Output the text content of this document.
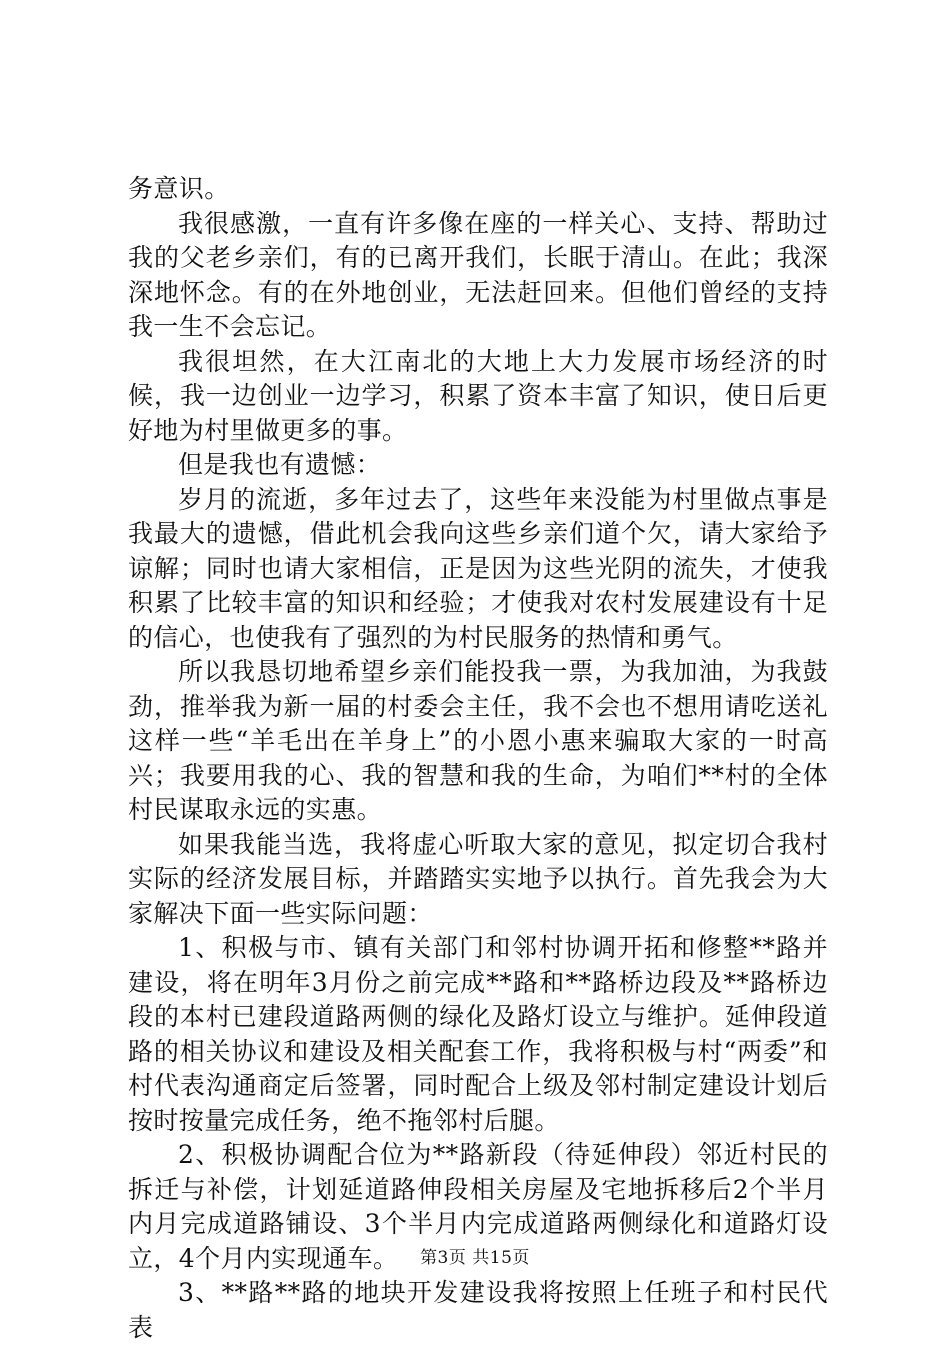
务意识。

我很感激，一直有许多像在座的一样关心、支持、帮助过我的父老乡亲们，有的已离开我们，长眠于清山。在此；我深深地怀念。有的在外地创业，无法赶回来。但他们曾经的支持我一生不会忘记。

我很坦然，在大江南北的大地上大力发展市场经济的时候，我一边创业一边学习，积累了资本丰富了知识，使日后更好地为村里做更多的事。

但是我也有遗憾：

岁月的流逝，多年过去了，这些年来没能为村里做点事是我最大的遗憾，借此机会我向这些乡亲们道个欠，请大家给予谅解；同时也请大家相信，正是因为这些光阴的流失，才使我积累了比较丰富的知识和经验；才使我对农村发展建设有十足的信心，也使我有了强烈的为村民服务的热情和勇气。

所以我恳切地希望乡亲们能投我一票，为我加油，为我鼓劲，推举我为新一届的村委会主任，我不会也不想用请吃送礼这样一些“羊毛出在羊身上”的小恩小惠来骗取大家的一时高兴；我要用我的心、我的智慧和我的生命，为咱们**村的全体村民谋取永远的实惠。

如果我能当选，我将虚心听取大家的意见，拟定切合我村实际的经济发展目标，并踏踏实实地予以执行。首先我会为大家解决下面一些实际问题：

1、积极与市、镇有关部门和邻村协调开拓和修整**路并建设，将在明年3月份之前完成**路和**路桥边段及**路桥边段的本村已建段道路两侧的绿化及路灯设立与维护。延伸段道路的相关协议和建设及相关配套工作，我将积极与村“两委”和村代表沟通商定后签署，同时配合上级及邻村制定建设计划后按时按量完成任务，绝不拖邻村后腿。

2、积极协调配合位为**路新段（待延伸段）邻近村民的拆迁与补偿，计划延道路伸段相关房屋及宅地拆移后2个半月内月完成道路铺设、3个半月内完成道路两侧绿化和道路灯设立，4个月内实现通车。

3、**路**路的地块开发建设我将按照上任班子和村民代表

第3页 共15页
